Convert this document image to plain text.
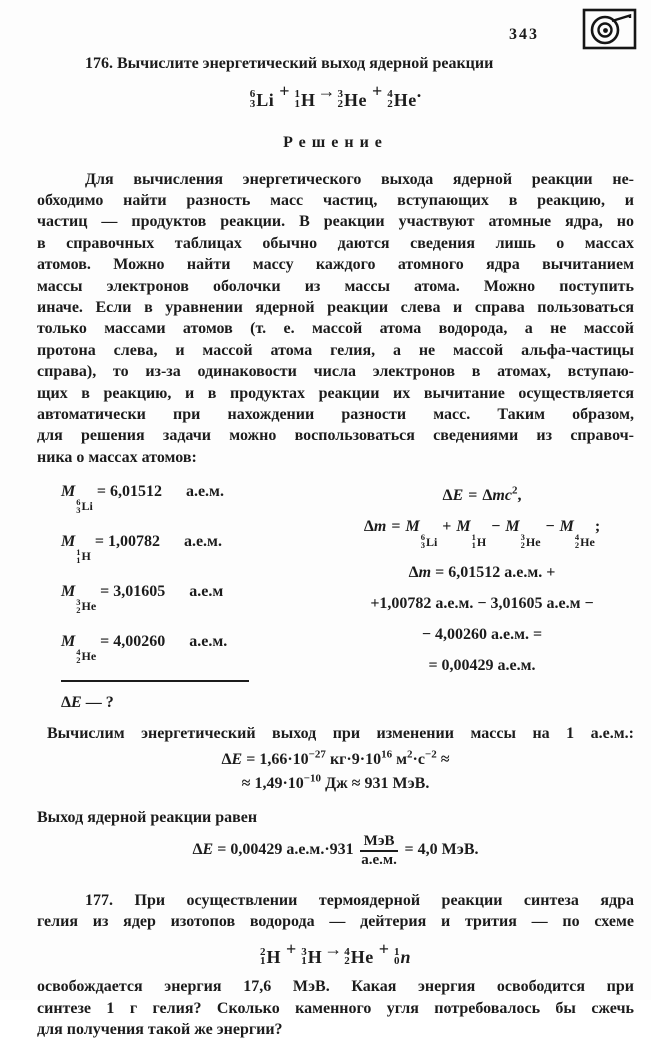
343

176. Вычислите энергетический выход ядерной реакции

6
3 Li + 1
1 H → 3
2 He + 4
2 He .
Решение
Для вычисления энергетического выхода ядерной реакции не-
обходимо найти разность масс частиц, вступающих в реакцию, и
частиц — продуктов реакции. В реакции участвуют атомные ядра, но
в справочных таблицах обычно даются сведения лишь о массах
атомов. Можно найти массу каждого атомного ядра вычитанием
массы электронов оболочки из массы атома. Можно поступить
иначе. Если в уравнении ядерной реакции слева и справа пользоваться
только массами атомов (т. е. массой атома водорода, а не массой
протона слева, и массой атома гелия, а не массой альфа-частицы
справа), то из-за одинаковости числа электронов в атомах, вступаю-
щих в реакцию, и в продуктах реакции их вычитание осуществляется
автоматически при нахождении разности масс. Таким образом,
для решения задачи можно воспользоваться сведениями из справоч-
ника о массах атомов:
M
6
3 Li
= 6,01512 а.е.м.
M
1
1 H
= 1,00782 а.е.м.
M
3
2 He
= 3,01605 а.е.м
M
4
2 He
= 4,00260 а.е.м.
ΔE — ?
ΔE = Δmc$^2$,
Δm = M
6
3 Li
+ M
1
1 H
− M
3
2 He
− M
4
2 He
;
Δm = 6,01512 а.е.м. +
+1,00782 а.е.м. − 3,01605 а.е.м −
− 4,00260 а.е.м. =
= 0,00429 а.е.м.
Вычислим энергетический выход при изменении массы на 1 а.е.м.:
$\Delta E = 1,66\cdot 10^{-27}$ $кг\cdot 9\cdot 10^{16}$ $м^2\cdot с^{-2}$ ≈
≈ $1,49\cdot 10^{-10}$ Дж ≈ 931 МэВ.
Выход ядерной реакции равен
ΔE = 0,00429 $а.е.м.\cdot 931 \frac{\text{МэВ}}{а.е.м.} = 4,0$ МэВ.
177. При осуществлении термоядерной реакции синтеза ядра
гелия из ядер изотопов водорода — дейтерия и трития — по схеме
2
1 H + 3
1 H → 4
2 He + 1
0 n
освобождается энергия 17,6 МэВ. Какая энергия освободится при
синтезе 1 г гелия? Сколько каменного угля потребовалось бы сжечь
для получения такой же энергии?
